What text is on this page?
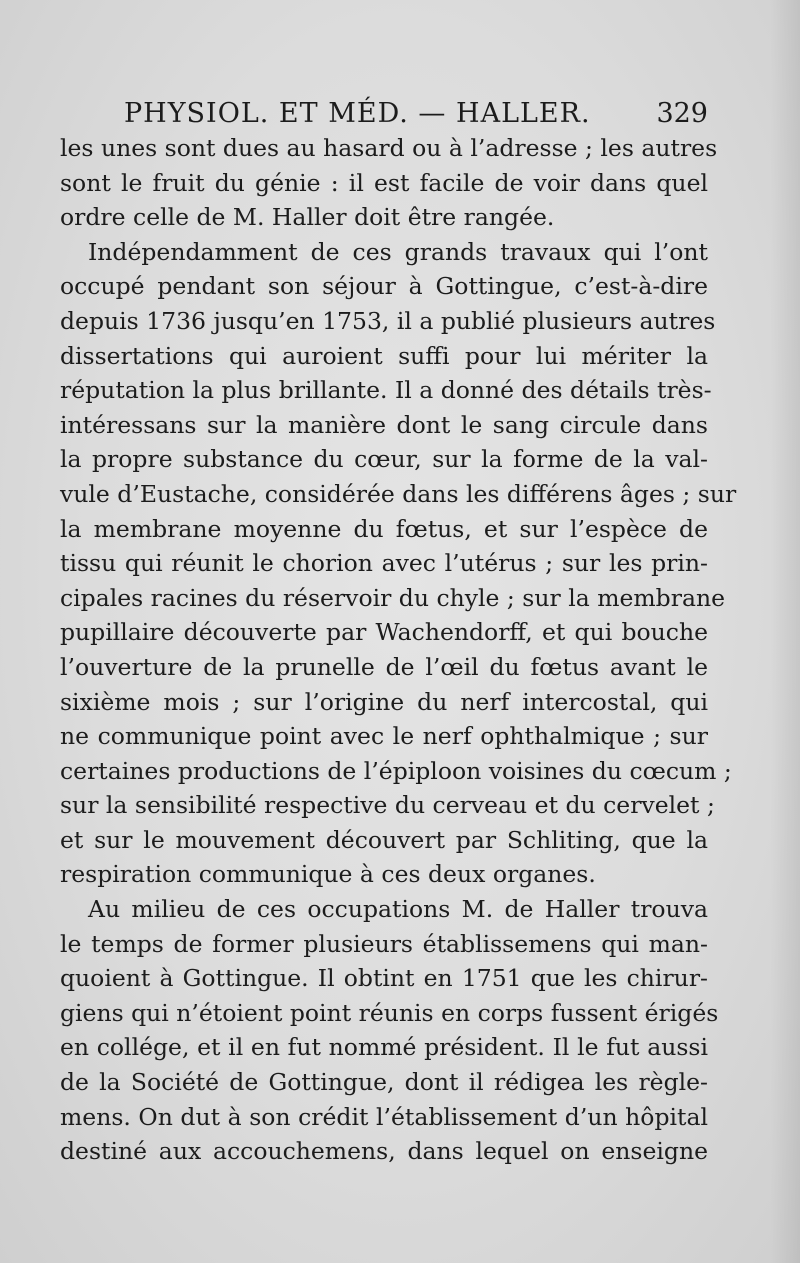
PHYSIOL. ET MÉD. — HALLER. 329
les unes sont dues au hasard ou à l’adresse ; les autres
sont le fruit du génie : il est facile de voir dans quel
ordre celle de M. Haller doit être rangée.
Indépendamment de ces grands travaux qui l’ont
occupé pendant son séjour à Gottingue, c’est-à-dire
depuis 1736 jusqu’en 1753, il a publié plusieurs autres
dissertations qui auroient suffi pour lui mériter la
réputation la plus brillante. Il a donné des détails très-
intéressans sur la manière dont le sang circule dans
la propre substance du cœur, sur la forme de la val-
vule d’Eustache, considérée dans les différens âges ; sur
la membrane moyenne du fœtus, et sur l’espèce de
tissu qui réunit le chorion avec l’utérus ; sur les prin-
cipales racines du réservoir du chyle ; sur la membrane
pupillaire découverte par Wachendorff, et qui bouche
l’ouverture de la prunelle de l’œil du fœtus avant le
sixième mois ; sur l’origine du nerf intercostal, qui
ne communique point avec le nerf ophthalmique ; sur
certaines productions de l’épiploon voisines du cœcum ;
sur la sensibilité respective du cerveau et du cervelet ;
et sur le mouvement découvert par Schliting, que la
respiration communique à ces deux organes.
Au milieu de ces occupations M. de Haller trouva
le temps de former plusieurs établissemens qui man-
quoient à Gottingue. Il obtint en 1751 que les chirur-
giens qui n’étoient point réunis en corps fussent érigés
en collége, et il en fut nommé président. Il le fut aussi
de la Société de Gottingue, dont il rédigea les règle-
mens. On dut à son crédit l’établissement d’un hôpital
destiné aux accouchemens, dans lequel on enseigne
